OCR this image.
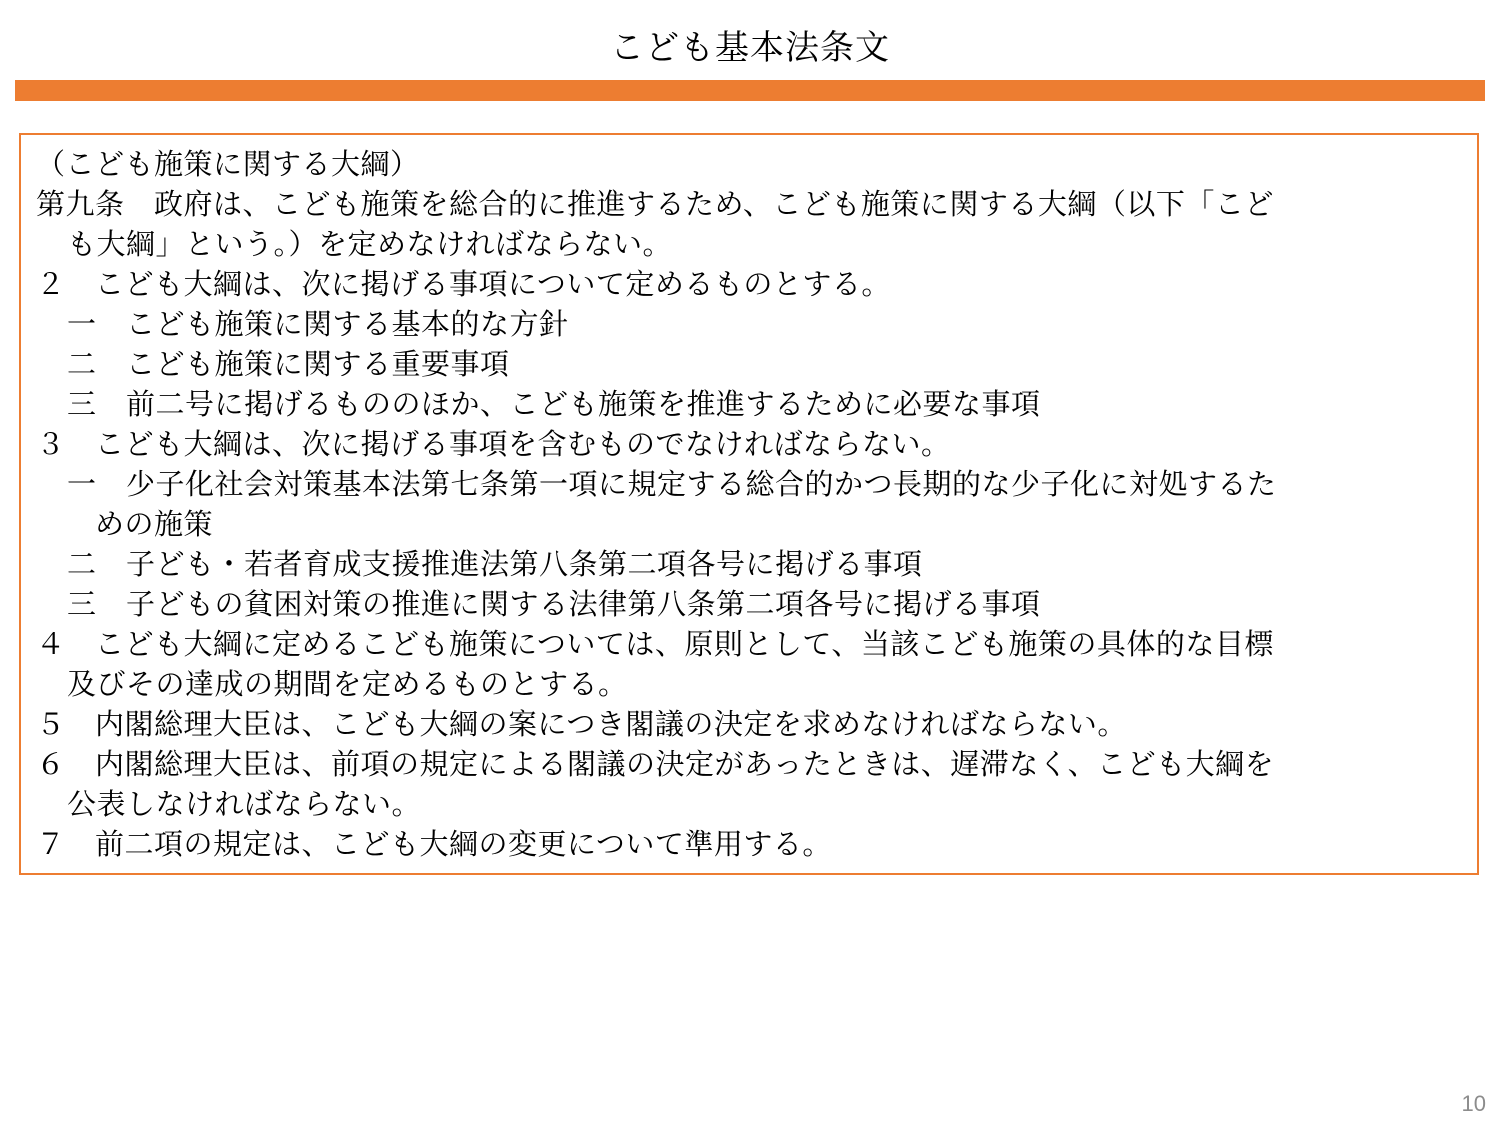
こども基本法条文
（こども施策に関する大綱）
第九条　政府は、こども施策を総合的に推進するため、こども施策に関する大綱（以下「こど
も大綱」という。）を定めなければならない。
２　こども大綱は、次に掲げる事項について定めるものとする。
一　こども施策に関する基本的な方針
二　こども施策に関する重要事項
三　前二号に掲げるもののほか、こども施策を推進するために必要な事項
３　こども大綱は、次に掲げる事項を含むものでなければならない。
一　少子化社会対策基本法第七条第一項に規定する総合的かつ長期的な少子化に対処するた
めの施策
二　子ども・若者育成支援推進法第八条第二項各号に掲げる事項
三　子どもの貧困対策の推進に関する法律第八条第二項各号に掲げる事項
４　こども大綱に定めるこども施策については、原則として、当該こども施策の具体的な目標
及びその達成の期間を定めるものとする。
５　内閣総理大臣は、こども大綱の案につき閣議の決定を求めなければならない。
６　内閣総理大臣は、前項の規定による閣議の決定があったときは、遅滞なく、こども大綱を
公表しなければならない。
７　前二項の規定は、こども大綱の変更について準用する。
10
